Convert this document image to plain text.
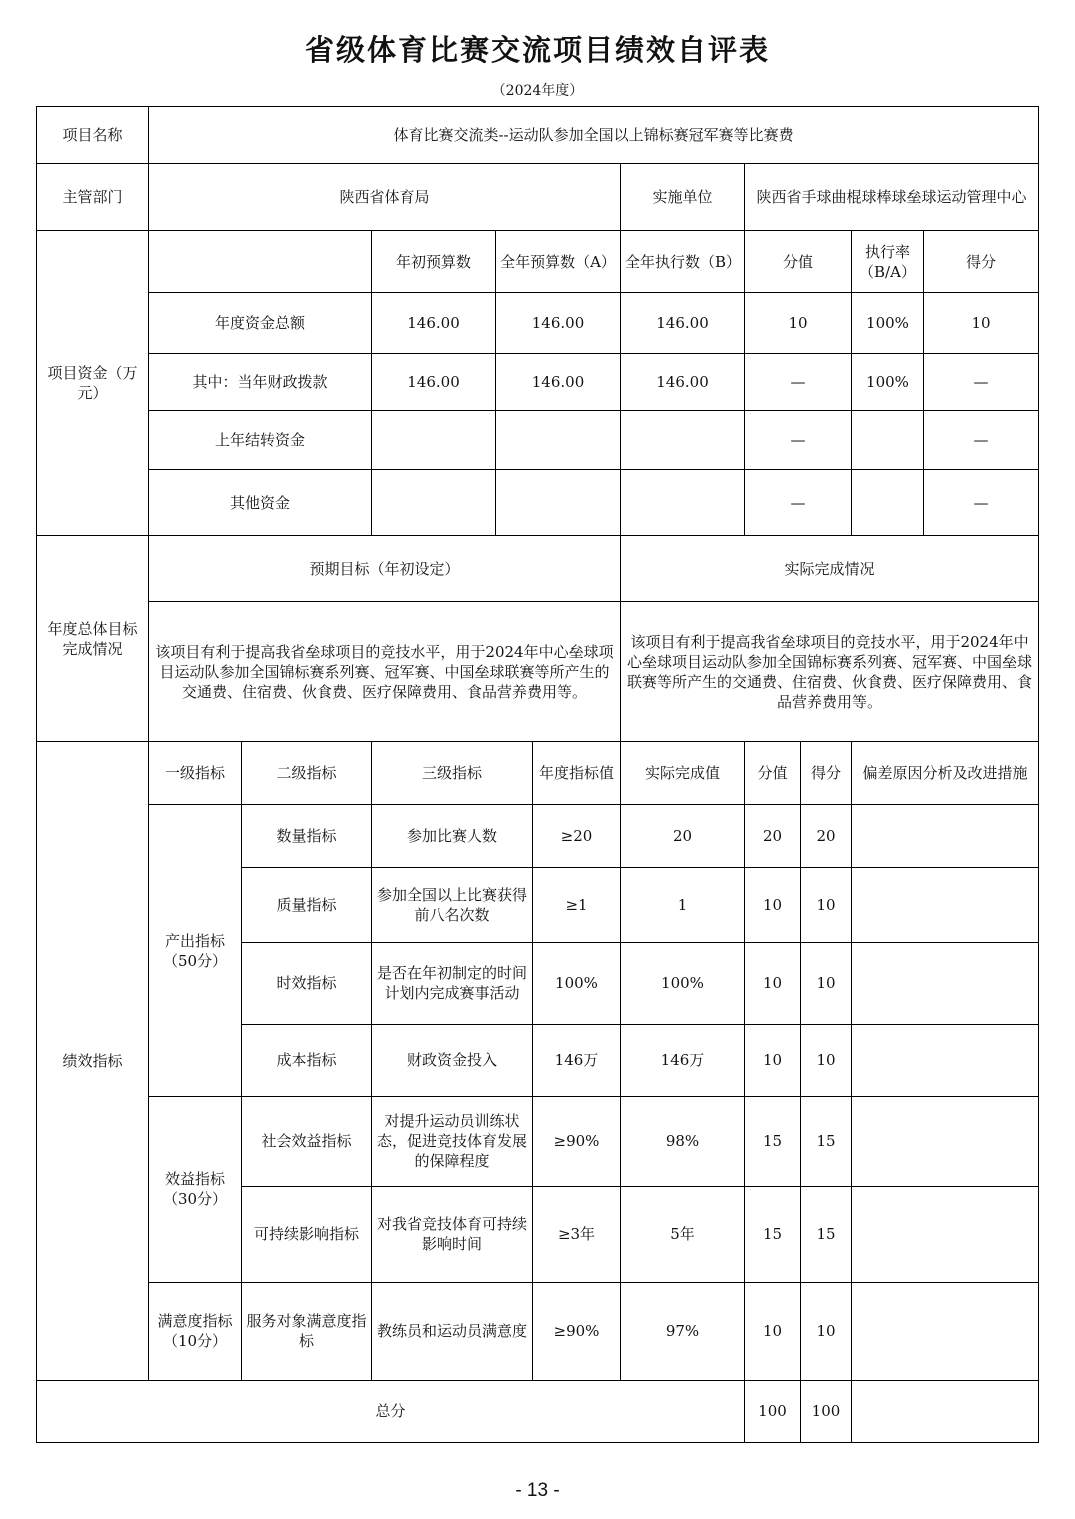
省级体育比赛交流项目绩效自评表
（2024年度）
项目名称	体育比赛交流类--运动队参加全国以上锦标赛冠军赛等比赛费									
主管部门	陕西省体育局					实施单位	陕西省手球曲棍球棒球垒球运动管理中心			
项目资金（万元）			年初预算数	全年预算数（A）		全年执行数（B）	分值		执行率（B/A）	得分
	年度资金总额		146.00	146.00		146.00	10		100%	10
	其中：当年财政拨款		146.00	146.00		146.00	—		100%	—
	上年结转资金						—			—
	其他资金						—			—
年度总体目标完成情况	预期目标（年初设定）					实际完成情况				
	该项目有利于提高我省垒球项目的竞技水平，用于2024年中心垒球项目运动队参加全国锦标赛系列赛、冠军赛、中国垒球联赛等所产生的交通费、住宿费、伙食费、医疗保障费用、食品营养费用等。					该项目有利于提高我省垒球项目的竞技水平，用于2024年中心垒球项目运动队参加全国锦标赛系列赛、冠军赛、中国垒球联赛等所产生的交通费、住宿费、伙食费、医疗保障费用、食品营养费用等。				
绩效指标	一级指标	二级指标	三级指标		年度指标值	实际完成值	分值	得分	偏差原因分析及改进措施	
	产出指标（50分）	数量指标	参加比赛人数		≥20	20	20	20		
		质量指标	参加全国以上比赛获得前八名次数		≥1	1	10	10		
		时效指标	是否在年初制定的时间计划内完成赛事活动		100%	100%	10	10		
		成本指标	财政资金投入		146万	146万	10	10		
	效益指标（30分）	社会效益指标	对提升运动员训练状态，促进竞技体育发展的保障程度		≥90%	98%	15	15		
		可持续影响指标	对我省竞技体育可持续影响时间		≥3年	5年	15	15		
	满意度指标（10分）	服务对象满意度指标	教练员和运动员满意度		≥90%	97%	10	10		
总分							100	100		
- 13 -
